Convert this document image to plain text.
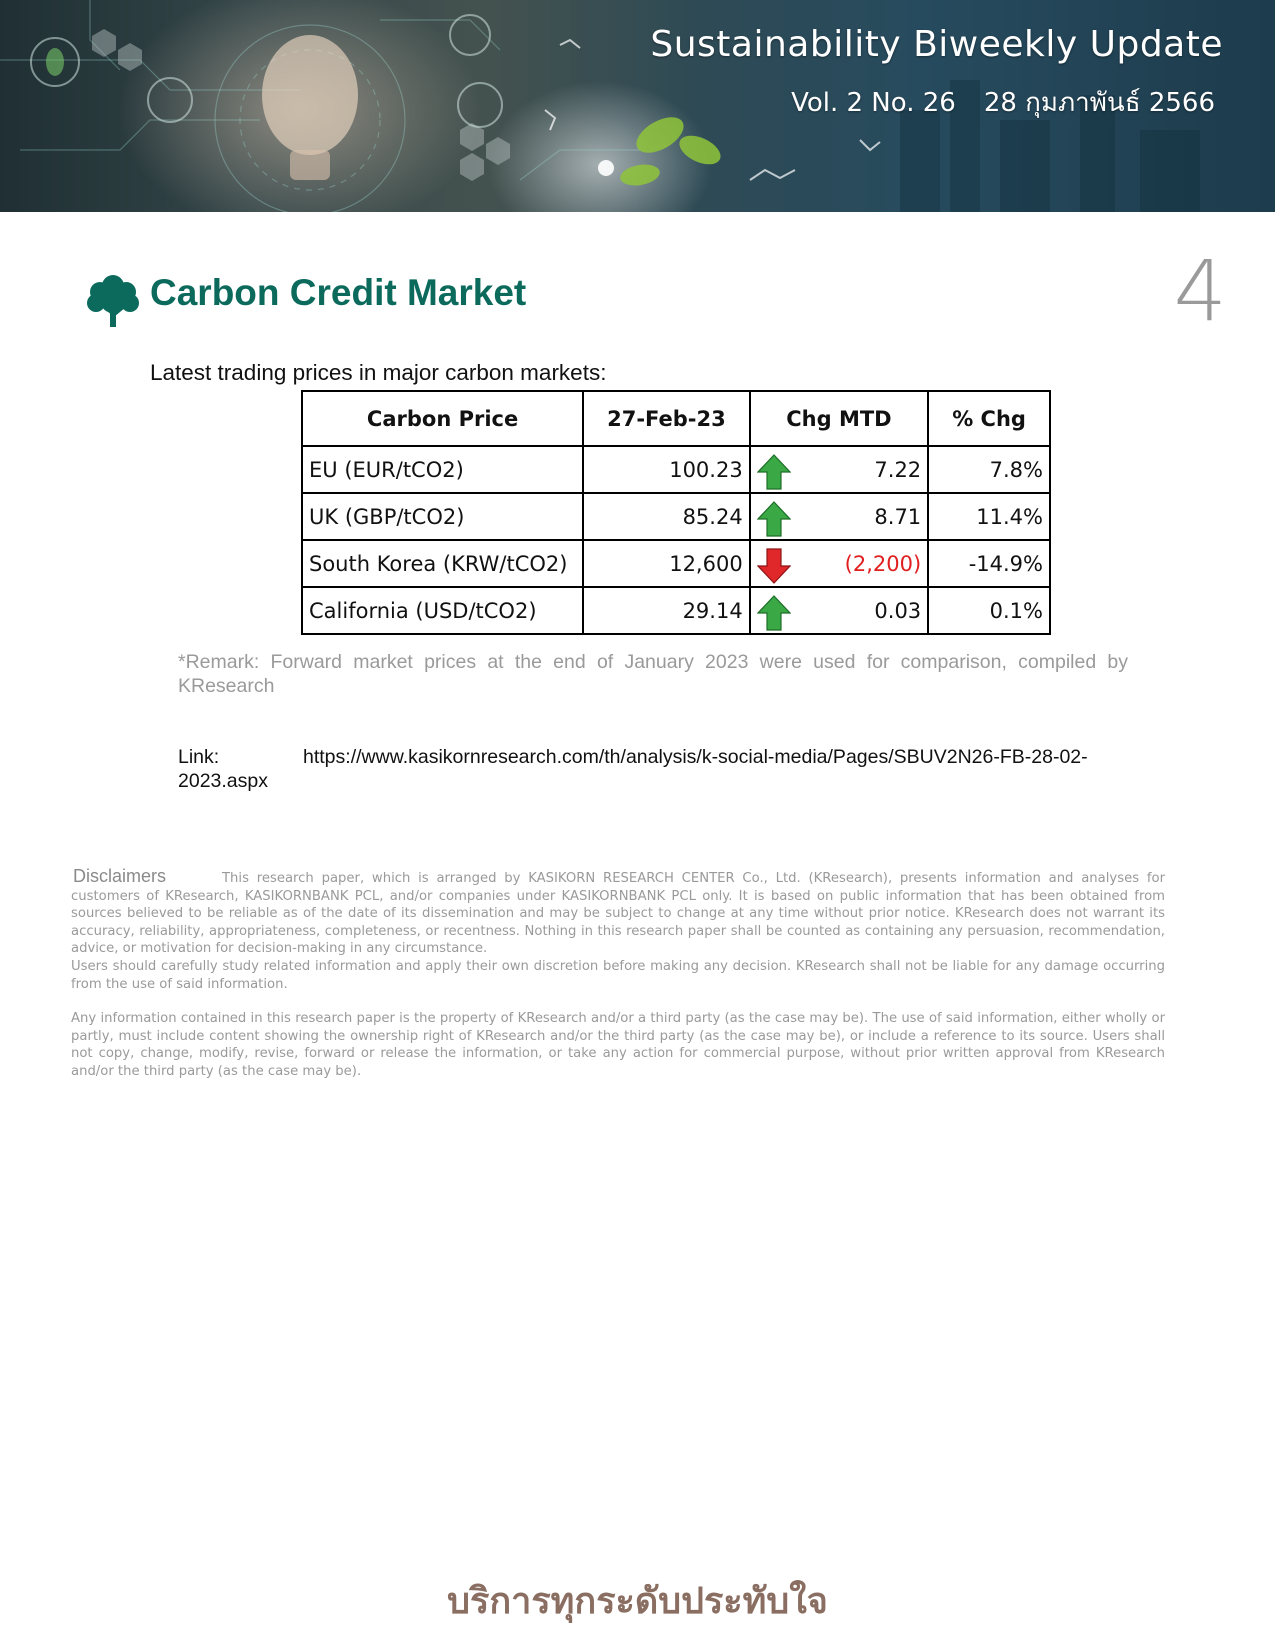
Sustainability Biweekly Update
Vol. 2 No. 26 28 กุมภาพันธ์ 2566
Carbon Credit Market	4
Latest trading prices in major carbon markets:
Carbon Price	27-Feb-23	Chg MTD	% Chg
EU (EUR/tCO2)	100.23	7.22	7.8%
UK (GBP/tCO2)	85.24	8.71	11.4%
South Korea (KRW/tCO2)	12,600	(2,200)	-14.9%
California (USD/tCO2)	29.14	0.03	0.1%
*Remark: Forward market prices at the end of January 2023 were used for comparison, compiled by KResearch
Link:	https://www.kasikornresearch.com/th/analysis/k-social-media/Pages/SBUV2N26-FB-28-02-
2023.aspx
Disclaimers	This research paper, which is arranged by KASIKORN RESEARCH CENTER Co., Ltd. (KResearch), presents information and analyses for customers of KResearch, KASIKORNBANK PCL, and/or companies under KASIKORNBANK PCL only. It is based on public information that has been obtained from sources believed to be reliable as of the date of its dissemination and may be subject to change at any time without prior notice. KResearch does not warrant its accuracy, reliability, appropriateness, completeness, or recentness. Nothing in this research paper shall be counted as containing any persuasion, recommendation, advice, or motivation for decision-making in any circumstance.

Users should carefully study related information and apply their own discretion before making any decision. KResearch shall not be liable for any damage occurring from the use of said information.

Any information contained in this research paper is the property of KResearch and/or a third party (as the case may be). The use of said information, either wholly or partly, must include content showing the ownership right of KResearch and/or the third party (as the case may be), or include a reference to its source. Users shall not copy, change, modify, revise, forward or release the information, or take any action for commercial purpose, without prior written approval from KResearch and/or the third party (as the case may be).

บริการทุกระดับประทับใจ
